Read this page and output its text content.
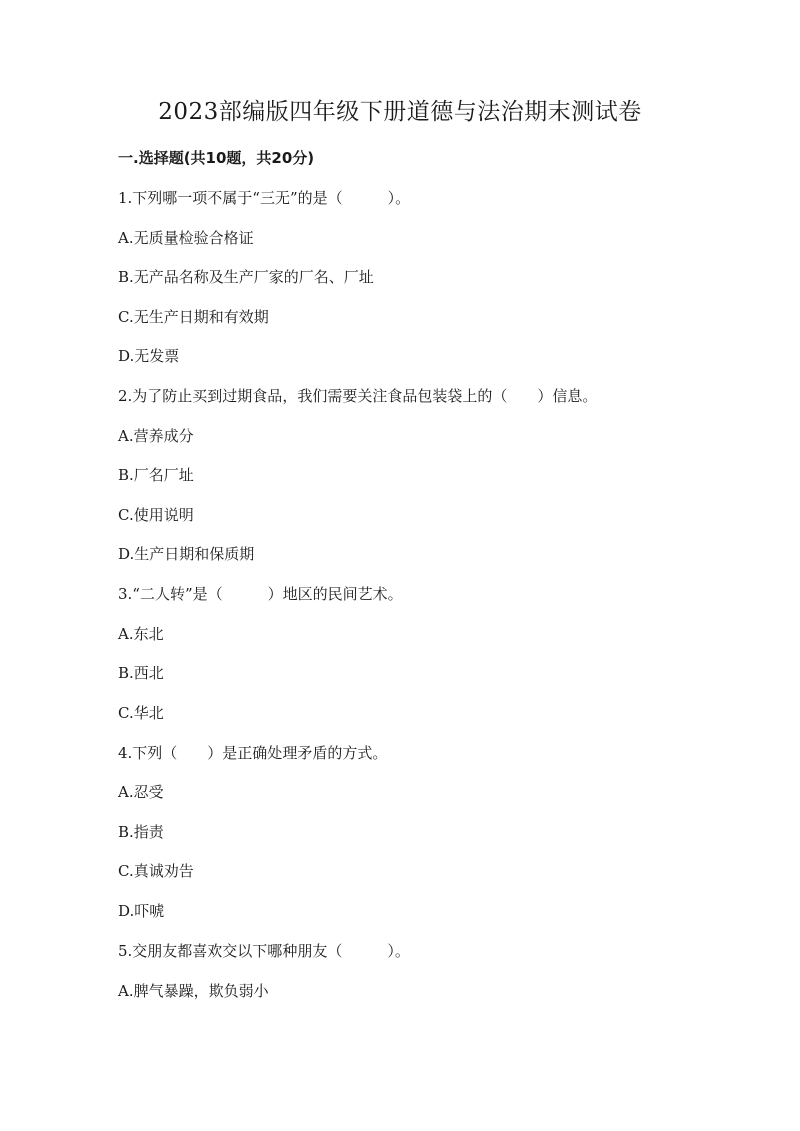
2023部编版四年级下册道德与法治期末测试卷
一.选择题(共10题，共20分)
1.下列哪一项不属于“三无”的是（　　　）。
A.无质量检验合格证
B.无产品名称及生产厂家的厂名、厂址
C.无生产日期和有效期
D.无发票
2.为了防止买到过期食品，我们需要关注食品包装袋上的（　　）信息。
A.营养成分
B.厂名厂址
C.使用说明
D.生产日期和保质期
3.“二人转”是（　　　）地区的民间艺术。
A.东北
B.西北
C.华北
4.下列（　　）是正确处理矛盾的方式。
A.忍受
B.指责
C.真诚劝告
D.吓唬
5.交朋友都喜欢交以下哪种朋友（　　　）。
A.脾气暴躁，欺负弱小
